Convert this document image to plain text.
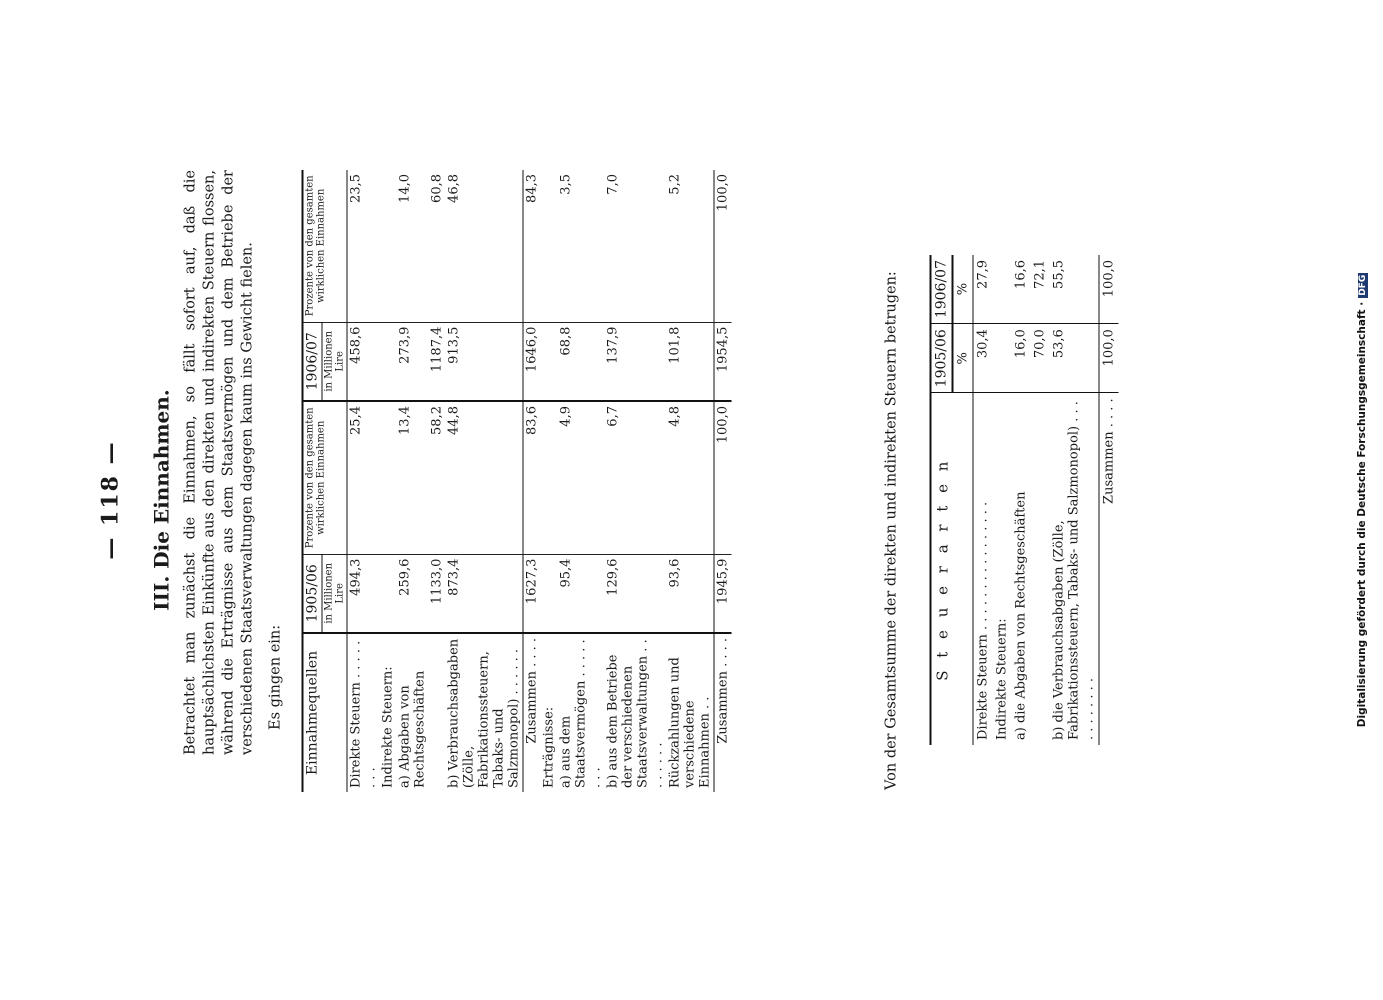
— 118 — III. Die Einnahmen. Betrachtet man zunächst die Einnahmen, so fällt sofort auf, daß die hauptsächlichsten Einkünfte aus den direkten und indirekten Steuern flossen, während die Erträgnisse aus dem Staatsvermögen und dem Betriebe der verschiedenen Staatsverwaltungen dagegen kaum ins Gewicht fielen. Es gingen ein: Einnahmequellen	1905/06	Prozente von den gesamten wirklichen Einnahmen	1906/07	Prozente von den gesamten wirklichen Einnahmen
	in Millionen Lire		in Millionen Lire	
Direkte Steuern . . . . . . . .	494,3	25,4	458,6	23,5
Indirekte Steuern:				
a) Abgaben von Rechtsgeschäften	259,6	13,4	273,9	14,0
	1133,0	58,2	1187,4	60,8
b) Verbrauchsabgaben (Zölle, Fabrikationssteuern, Tabaks- und Salzmonopol) . . . . . .	873,4	44,8	913,5	46,8
Zusammen . . . .	1627,3	83,6	1646,0	84,3
Erträgnisse:				
a) aus dem Staatsvermögen . . . . . . . .	95,4	4,9	68,8	3,5
b) aus dem Betriebe der verschiedenen Staatsverwaltungen . . . . . . . .	129,6	6,7	137,9	7,0
Rückzahlungen und verschiedene Einnahmen . .	93,6	4,8	101,8	5,2
Zusammen . . . .	1945,9	100,0	1954,5	100,0
Von der Gesamtsumme der direkten und indirekten Steuern betrugen: S t e u e r a r t e n	1905/06	1906/07
	%	%
Direkte Steuern . . . . . . . . . . . . . . . .	30,4	27,9
Indirekte Steuern:		
a) die Abgaben von Rechtsgeschäften	16,0	16,6
	70,0	72,1
b) die Verbrauchsabgaben (Zölle, Fabrikationssteuern, Tabaks- und Salzmonopol) . . . . . . . . . . .	53,6	55,5
Zusammen . . . .	100,0	100,0
Digitalisierung gefördert durch die Deutsche Forschungsgemeinschaft ·DFG
